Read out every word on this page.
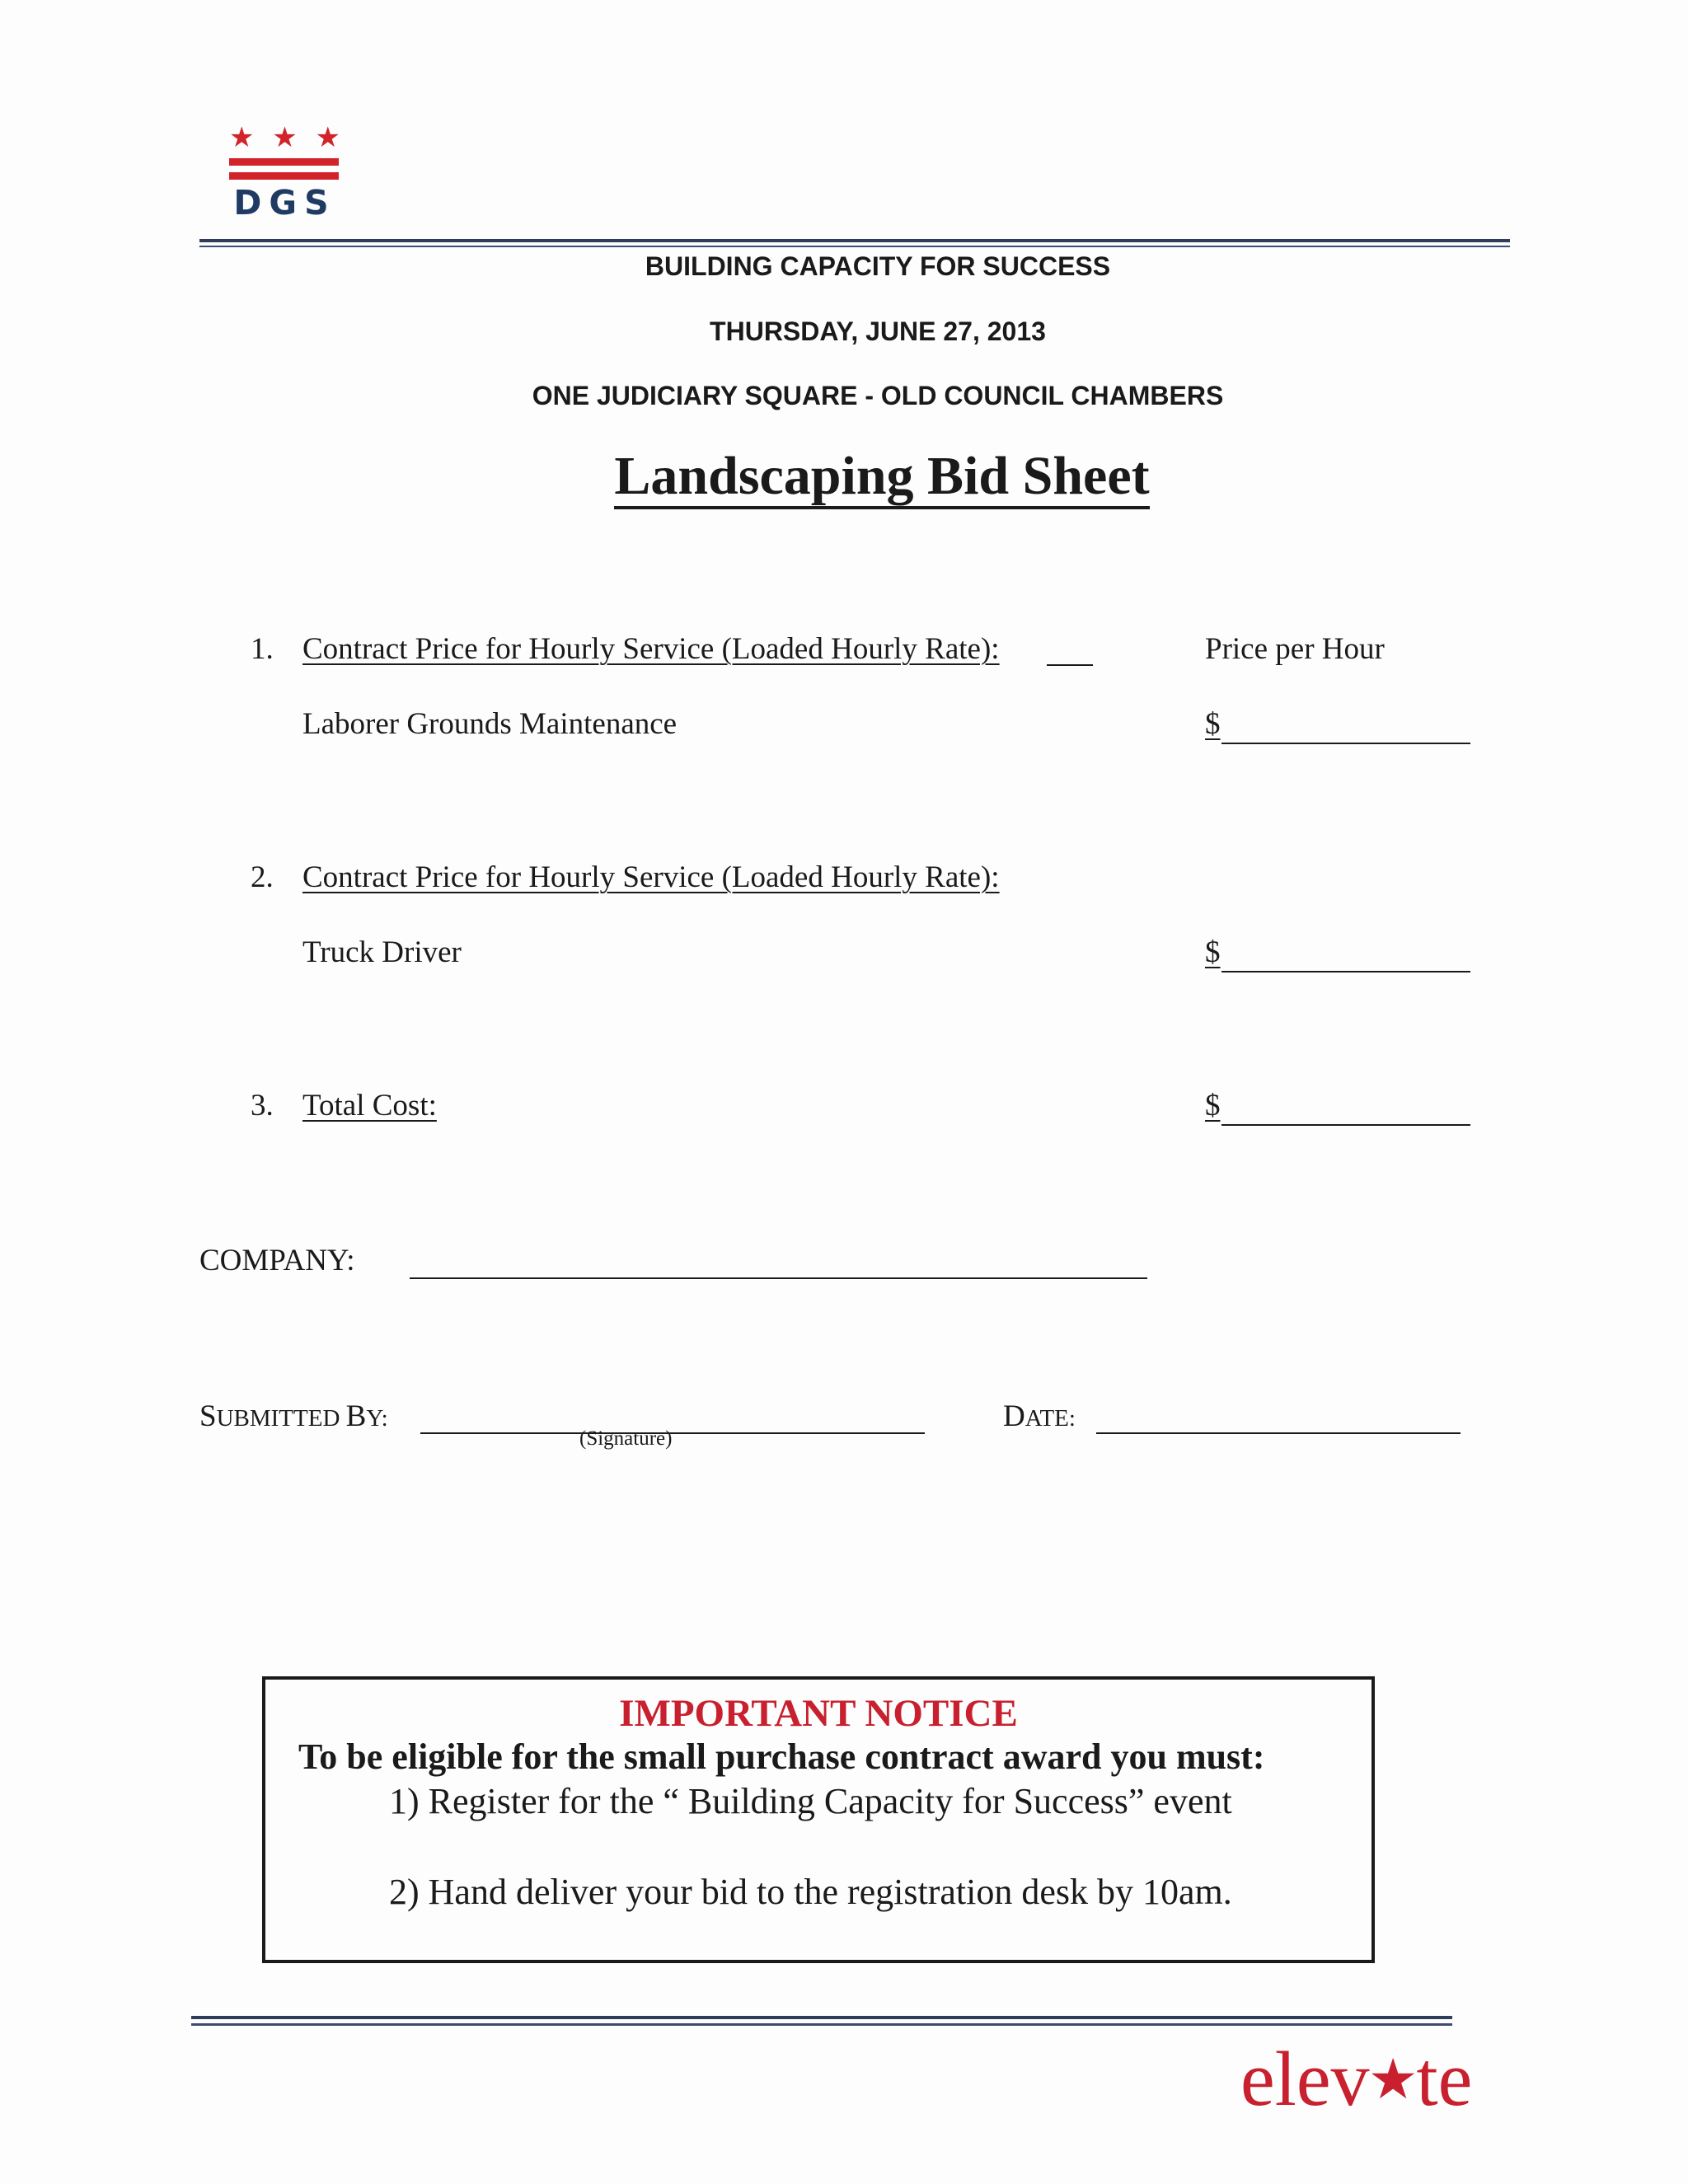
★ ★ ★
DGS
BUILDING CAPACITY FOR SUCCESS
THURSDAY, JUNE 27, 2013
ONE JUDICIARY SQUARE - OLD COUNCIL CHAMBERS
Landscaping Bid Sheet
1. Contract Price for Hourly Service (Loaded Hourly Rate):	Price per Hour
Laborer Grounds Maintenance	$
2. Contract Price for Hourly Service (Loaded Hourly Rate):
Truck Driver	$
3. Total Cost:	$
COMPANY:
SUBMITTED BY:
(Signature)
DATE:
IMPORTANT NOTICE
To be eligible for the small purchase contract award you must:
1) Register for the “ Building Capacity for Success” event
2) Hand deliver your bid to the registration desk by 10am.
elev★te
